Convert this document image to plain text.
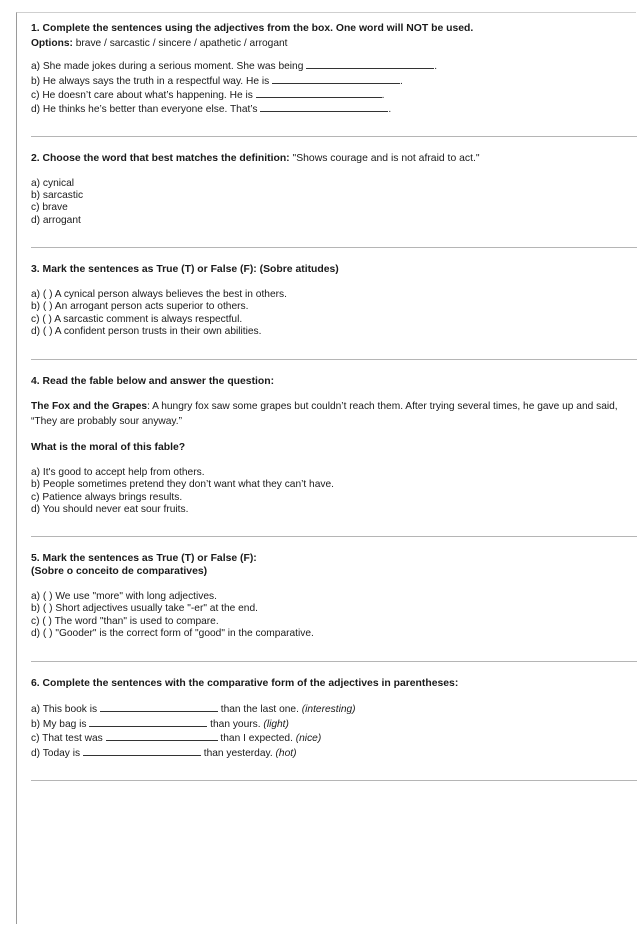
1. Complete the sentences using the adjectives from the box. One word will NOT be used.

Options: brave / sarcastic / sincere / apathetic / arrogant

a) She made jokes during a serious moment. She was being	.

b) He always says the truth in a respectful way. He is	.

c) He doesn’t care about what’s happening. He is	.

d) He thinks he’s better than everyone else. That’s	.

2. Choose the word that best matches the definition: "Shows courage and is not afraid to act."

a) cynical

b) sarcastic

c) brave

d) arrogant

3. Mark the sentences as True (T) or False (F): (Sobre atitudes)

a) ( ) A cynical person always believes the best in others.

b) ( ) An arrogant person acts superior to others.

c) ( ) A sarcastic comment is always respectful.

d) ( ) A confident person trusts in their own abilities.

4. Read the fable below and answer the question:

The Fox and the Grapes: A hungry fox saw some grapes but couldn’t reach them. After trying several times, he gave up and said, “They are probably sour anyway.”

What is the moral of this fable?

a) It's good to accept help from others.

b) People sometimes pretend they don’t want what they can’t have.

c) Patience always brings results.

d) You should never eat sour fruits.

5. Mark the sentences as True (T) or False (F):

(Sobre o conceito de comparatives)

a) ( ) We use "more" with long adjectives.

b) ( ) Short adjectives usually take "-er" at the end.

c) ( ) The word "than" is used to compare.

d) ( ) "Gooder" is the correct form of "good" in the comparative.

6. Complete the sentences with the comparative form of the adjectives in parentheses:

a) This book is	than the last one. (interesting)

b) My bag is	than yours. (light)

c) That test was	than I expected. (nice)

d) Today is	than yesterday. (hot)
